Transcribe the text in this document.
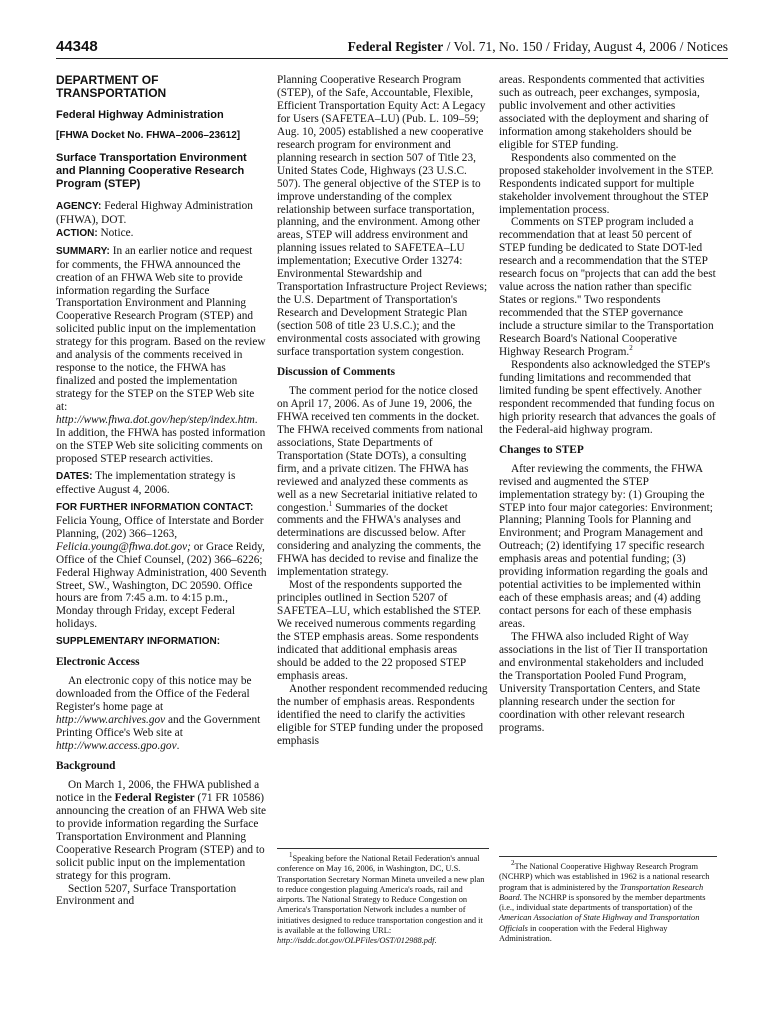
44348	Federal Register / Vol. 71, No. 150 / Friday, August 4, 2006 / Notices
DEPARTMENT OF TRANSPORTATION
Federal Highway Administration
[FHWA Docket No. FHWA–2006–23612]
Surface Transportation Environment and Planning Cooperative Research Program (STEP)

AGENCY: Federal Highway Administration (FHWA), DOT.

ACTION: Notice.

SUMMARY: In an earlier notice and request for comments, the FHWA announced the creation of an FHWA Web site to provide information regarding the Surface Transportation Environment and Planning Cooperative Research Program (STEP) and solicited public input on the implementation strategy for this program. Based on the review and analysis of the comments received in response to the notice, the FHWA has finalized and posted the implementation strategy for the STEP on the STEP Web site at: http://www.fhwa.dot.gov/hep/step/index.htm. In addition, the FHWA has posted information on the STEP Web site soliciting comments on proposed STEP research activities.

DATES: The implementation strategy is effective August 4, 2006.

FOR FURTHER INFORMATION CONTACT:

Felicia Young, Office of Interstate and Border Planning, (202) 366–1263, Felicia.young@fhwa.dot.gov; or Grace Reidy, Office of the Chief Counsel, (202) 366–6226; Federal Highway Administration, 400 Seventh Street, SW., Washington, DC 20590. Office hours are from 7:45 a.m. to 4:15 p.m., Monday through Friday, except Federal holidays.

SUPPLEMENTARY INFORMATION:

Electronic Access

An electronic copy of this notice may be downloaded from the Office of the Federal Register's home page at http://www.archives.gov and the Government Printing Office's Web site at http://www.access.gpo.gov.

Background

On March 1, 2006, the FHWA published a notice in the Federal Register (71 FR 10586) announcing the creation of an FHWA Web site to provide information regarding the Surface Transportation Environment and Planning Cooperative Research Program (STEP) and to solicit public input on the implementation strategy for this program.

Section 5207, Surface Transportation Environment and

Planning Cooperative Research Program (STEP), of the Safe, Accountable, Flexible, Efficient Transportation Equity Act: A Legacy for Users (SAFETEA–LU) (Pub. L. 109–59; Aug. 10, 2005) established a new cooperative research program for environment and planning research in section 507 of Title 23, United States Code, Highways (23 U.S.C. 507). The general objective of the STEP is to improve understanding of the complex relationship between surface transportation, planning, and the environment. Among other areas, STEP will address environment and planning issues related to SAFETEA–LU implementation; Executive Order 13274: Environmental Stewardship and Transportation Infrastructure Project Reviews; the U.S. Department of Transportation's Research and Development Strategic Plan (section 508 of title 23 U.S.C.); and the environmental costs associated with growing surface transportation system congestion.

Discussion of Comments

The comment period for the notice closed on April 17, 2006. As of June 19, 2006, the FHWA received ten comments in the docket. The FHWA received comments from national associations, State Departments of Transportation (State DOTs), a consulting firm, and a private citizen. The FHWA has reviewed and analyzed these comments as well as a new Secretarial initiative related to congestion.$^1$ Summaries of the docket comments and the FHWA's analyses and determinations are discussed below. After considering and analyzing the comments, the FHWA has decided to revise and finalize the implementation strategy.

Most of the respondents supported the principles outlined in Section 5207 of SAFETEA–LU, which established the STEP. We received numerous comments regarding the STEP emphasis areas. Some respondents indicated that additional emphasis areas should be added to the 22 proposed STEP emphasis areas.

Another respondent recommended reducing the number of emphasis areas. Respondents identified the need to clarify the activities eligible for STEP funding under the proposed emphasis

areas. Respondents commented that activities such as outreach, peer exchanges, symposia, public involvement and other activities associated with the deployment and sharing of information among stakeholders should be eligible for STEP funding.

Respondents also commented on the proposed stakeholder involvement in the STEP. Respondents indicated support for multiple stakeholder involvement throughout the STEP implementation process.

Comments on STEP program included a recommendation that at least 50 percent of STEP funding be dedicated to State DOT-led research and a recommendation that the STEP research focus on ''projects that can add the best value across the nation rather than specific States or regions.'' Two respondents recommended that the STEP governance include a structure similar to the Transportation Research Board's National Cooperative Highway Research Program.$^2$

Respondents also acknowledged the STEP's funding limitations and recommended that limited funding be spent effectively. Another respondent recommended that funding focus on high priority research that advances the goals of the Federal-aid highway program.

Changes to STEP

After reviewing the comments, the FHWA revised and augmented the STEP implementation strategy by: (1) Grouping the STEP into four major categories: Environment; Planning; Planning Tools for Planning and Environment; and Program Management and Outreach; (2) identifying 17 specific research emphasis areas and potential funding; (3) providing information regarding the goals and potential activities to be implemented within each of these emphasis areas; and (4) adding contact persons for each of these emphasis areas.

The FHWA also included Right of Way associations in the list of Tier II transportation and environmental stakeholders and included the Transportation Pooled Fund Program, University Transportation Centers, and State planning research under the section for coordination with other relevant research programs.

$^1$Speaking before the National Retail Federation's annual conference on May 16, 2006, in Washington, DC, U.S. Transportation Secretary Norman Mineta unveiled a new plan to reduce congestion plaguing America's roads, rail and airports. The National Strategy to Reduce Congestion on America's Transportation Network includes a number of initiatives designed to reduce transportation congestion and it is available at the following URL: http://isddc.dot.gov/OLPFiles/OST/012988.pdf.

$^2$The National Cooperative Highway Research Program (NCHRP) which was established in 1962 is a national research program that is administered by the Transportation Research Board. The NCHRP is sponsored by the member departments (i.e., individual state departments of transportation) of the American Association of State Highway and Transportation Officials in cooperation with the Federal Highway Administration.
